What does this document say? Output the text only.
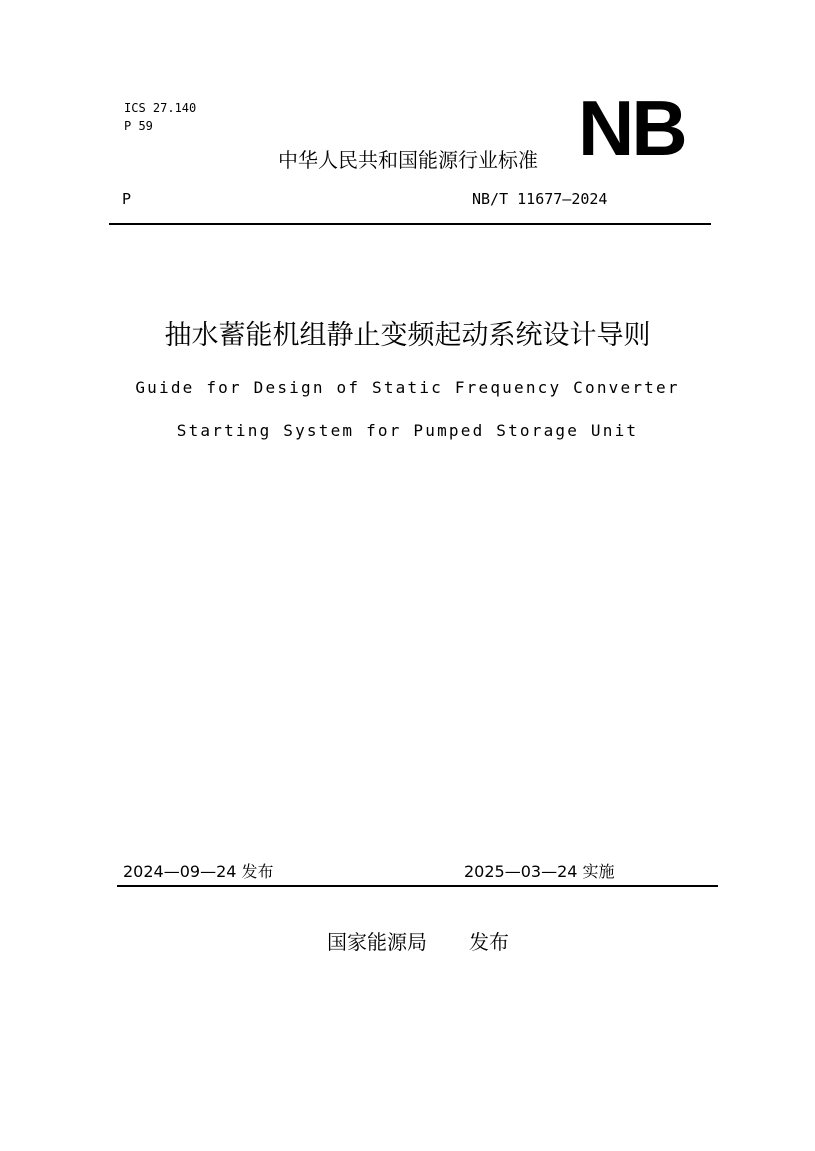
ICS 27.140
P 59	NB
中华人民共和国能源行业标准
P	NB/T 11677—2024
抽水蓄能机组静止变频起动系统设计导则
Guide for Design of Static Frequency Converter
Starting System for Pumped Storage Unit
2024—09—24 发布	2025—03—24 实施
国家能源局 发布
